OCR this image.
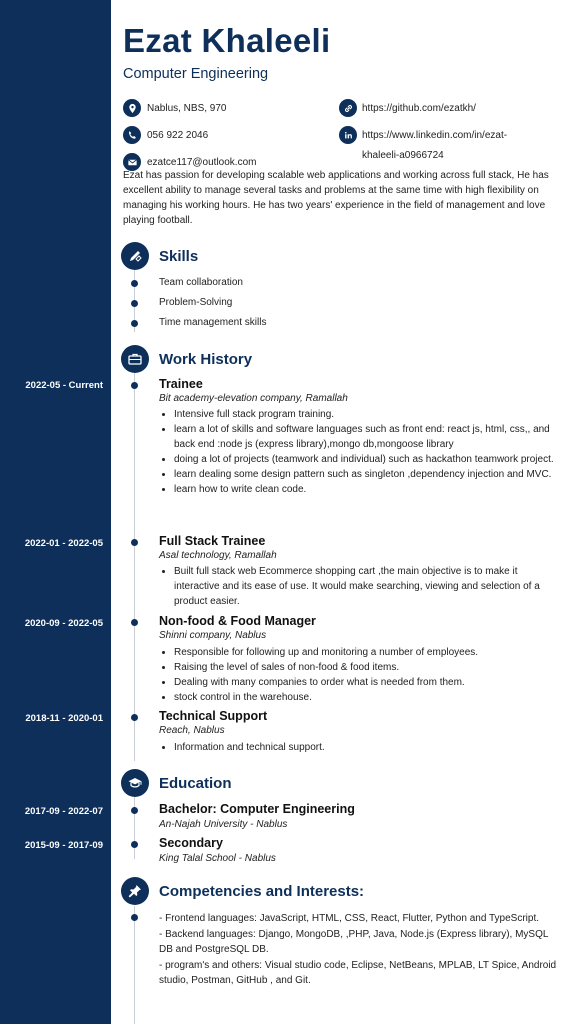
Ezat Khaleeli
Computer Engineering
Nablus, NBS, 970
056 922 2046
ezatce117@outlook.com
https://github.com/ezatkh/
https://www.linkedin.com/in/ezat-
khaleeli-a0966724
Ezat has passion for developing scalable web applications and working across full stack, He has excellent ability to manage several tasks and problems at the same time with high flexibility on managing his working hours. He has two years' experience in the field of management and love playing football.
Skills
Team collaboration
Problem-Solving
Time management skills
Work History
2022-05 - Current	Trainee
Bit academy-elevation company, Ramallah
• Intensive full stack program training.
• learn a lot of skills and software languages such as front end: react js, html, css,, and back end :node js (express library),mongo db,mongoose library
• doing a lot of projects (teamwork and individual) such as hackathon teamwork project.
• learn dealing some design pattern such as singleton ,dependency injection and MVC.
• learn how to write clean code.
2022-01 - 2022-05	Full Stack Trainee
Asal technology, Ramallah
• Built full stack web Ecommerce shopping cart ,the main objective is to make it interactive and its ease of use. It would make searching, viewing and selection of a product easier.
2020-09 - 2022-05	Non-food & Food Manager
Shinni company, Nablus
• Responsible for following up and monitoring a number of employees.
• Raising the level of sales of non-food & food items.
• Dealing with many companies to order what is needed from them.
• stock control in the warehouse.
2018-11 - 2020-01	Technical Support
Reach, Nablus
• Information and technical support.
Education
2017-09 - 2022-07	Bachelor: Computer Engineering
An-Najah University - Nablus
2015-09 - 2017-09	Secondary
King Talal School - Nablus
Competencies and Interests:
- Frontend languages: JavaScript, HTML, CSS, React, Flutter, Python and TypeScript.
- Backend languages: Django, MongoDB, ,PHP, Java, Node.js (Express library), MySQL DB and PostgreSQL DB.
- program's and others: Visual studio code, Eclipse, NetBeans, MPLAB, LT Spice, Android studio, Postman, GitHub , and Git.
